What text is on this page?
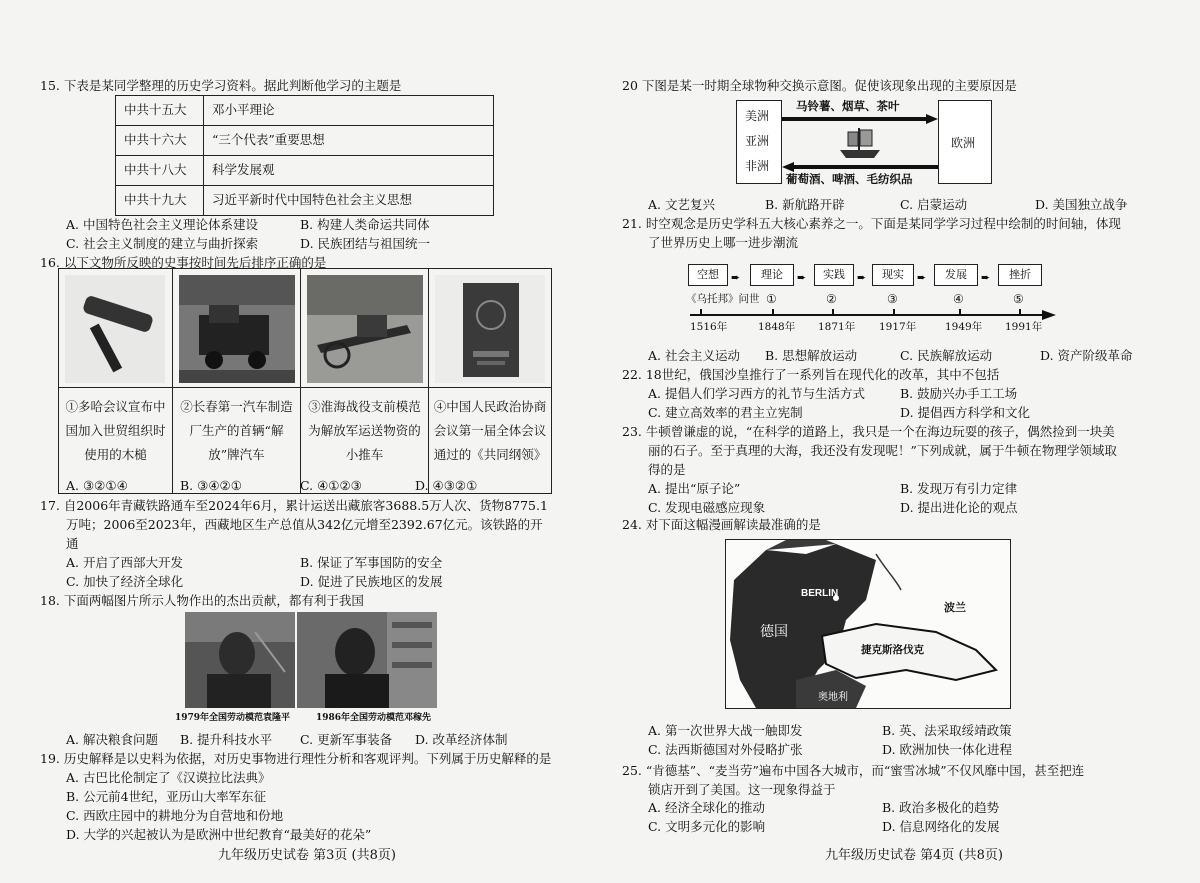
15. 下表是某同学整理的历史学习资料。据此判断他学习的主题是
中共十五大	邓小平理论
中共十六大	“三个代表”重要思想
中共十八大	科学发展观
中共十九大	习近平新时代中国特色社会主义思想
A. 中国特色社会主义理论体系建设	B. 构建人类命运共同体
C. 社会主义制度的建立与曲折探索	D. 民族团结与祖国统一
16. 以下文物所反映的史事按时间先后排序正确的是
①多哈会议宣布中国加入世贸组织时使用的木槌
②长春第一汽车制造厂生产的首辆“解放”牌汽车
③淮海战役支前模范为解放军运送物资的小推车
④中国人民政治协商会议第一届全体会议通过的《共同纲领》
A. ③②①④	B. ③④②①	C. ④①②③	D. ④③②①
17. 自2006年青藏铁路通车至2024年6月，累计运送出藏旅客3688.5万人次、货物8775.1
万吨；2006至2023年，西藏地区生产总值从342亿元增至2392.67亿元。该铁路的开
通
A. 开启了西部大开发	B. 保证了军事国防的安全
C. 加快了经济全球化	D. 促进了民族地区的发展
18. 下面两幅图片所示人物作出的杰出贡献，都有利于我国
1979年全国劳动模范袁隆平	1986年全国劳动模范邓稼先
A. 解决粮食问题 B. 提升科技水平 C. 更新军事装备 D. 改革经济体制
19. 历史解释是以史料为依据，对历史事物进行理性分析和客观评判。下列属于历史解释的是
A. 古巴比伦制定了《汉谟拉比法典》
B. 公元前4世纪，亚历山大率军东征
C. 西欧庄园中的耕地分为自营地和份地
D. 大学的兴起被认为是欧洲中世纪教育“最美好的花朵”
九年级历史试卷 第3页 (共8页)
20 下图是某一时期全球物种交换示意图。促使该现象出现的主要原因是
美洲
亚洲
非洲
欧洲
马铃薯、烟草、茶叶
葡萄酒、啤酒、毛纺织品
A. 文艺复兴	B. 新航路开辟	C. 启蒙运动	D. 美国独立战争
21. 时空观念是历史学科五大核心素养之一。下面是某同学学习过程中绘制的时间轴，体现
了世界历史上哪一进步潮流
空想	➨	理论	➨	实践	➨	现实	➨	发展	➨	挫折
《乌托邦》问世 ①	②	③	④	⑤
1516年	1848年 1871年 1917年	1949年 1991年
A. 社会主义运动 B. 思想解放运动	C. 民族解放运动	D. 资产阶级革命
22. 18世纪，俄国沙皇推行了一系列旨在现代化的改革，其中不包括
A. 提倡人们学习西方的礼节与生活方式	B. 鼓励兴办手工工场
C. 建立高效率的君主立宪制	D. 提倡西方科学和文化
23. 牛顿曾谦虚的说，“在科学的道路上，我只是一个在海边玩耍的孩子，偶然捡到一块美
丽的石子。至于真理的大海，我还没有发现呢！”下列成就，属于牛顿在物理学领域取
得的是
A. 提出“原子论”	B. 发现万有引力定律
C. 发现电磁感应现象	D. 提出进化论的观点
24. 对下面这幅漫画解读最准确的是
BERLIN
波兰
德国
捷克斯洛伐克
奥地利
A. 第一次世界大战一触即发	B. 英、法采取绥靖政策
C. 法西斯德国对外侵略扩张	D. 欧洲加快一体化进程
25. “肯德基”、“麦当劳”遍布中国各大城市，而“蜜雪冰城”不仅风靡中国，甚至把连
锁店开到了美国。这一现象得益于
A. 经济全球化的推动	B. 政治多极化的趋势
C. 文明多元化的影响	D. 信息网络化的发展
九年级历史试卷 第4页 (共8页)
